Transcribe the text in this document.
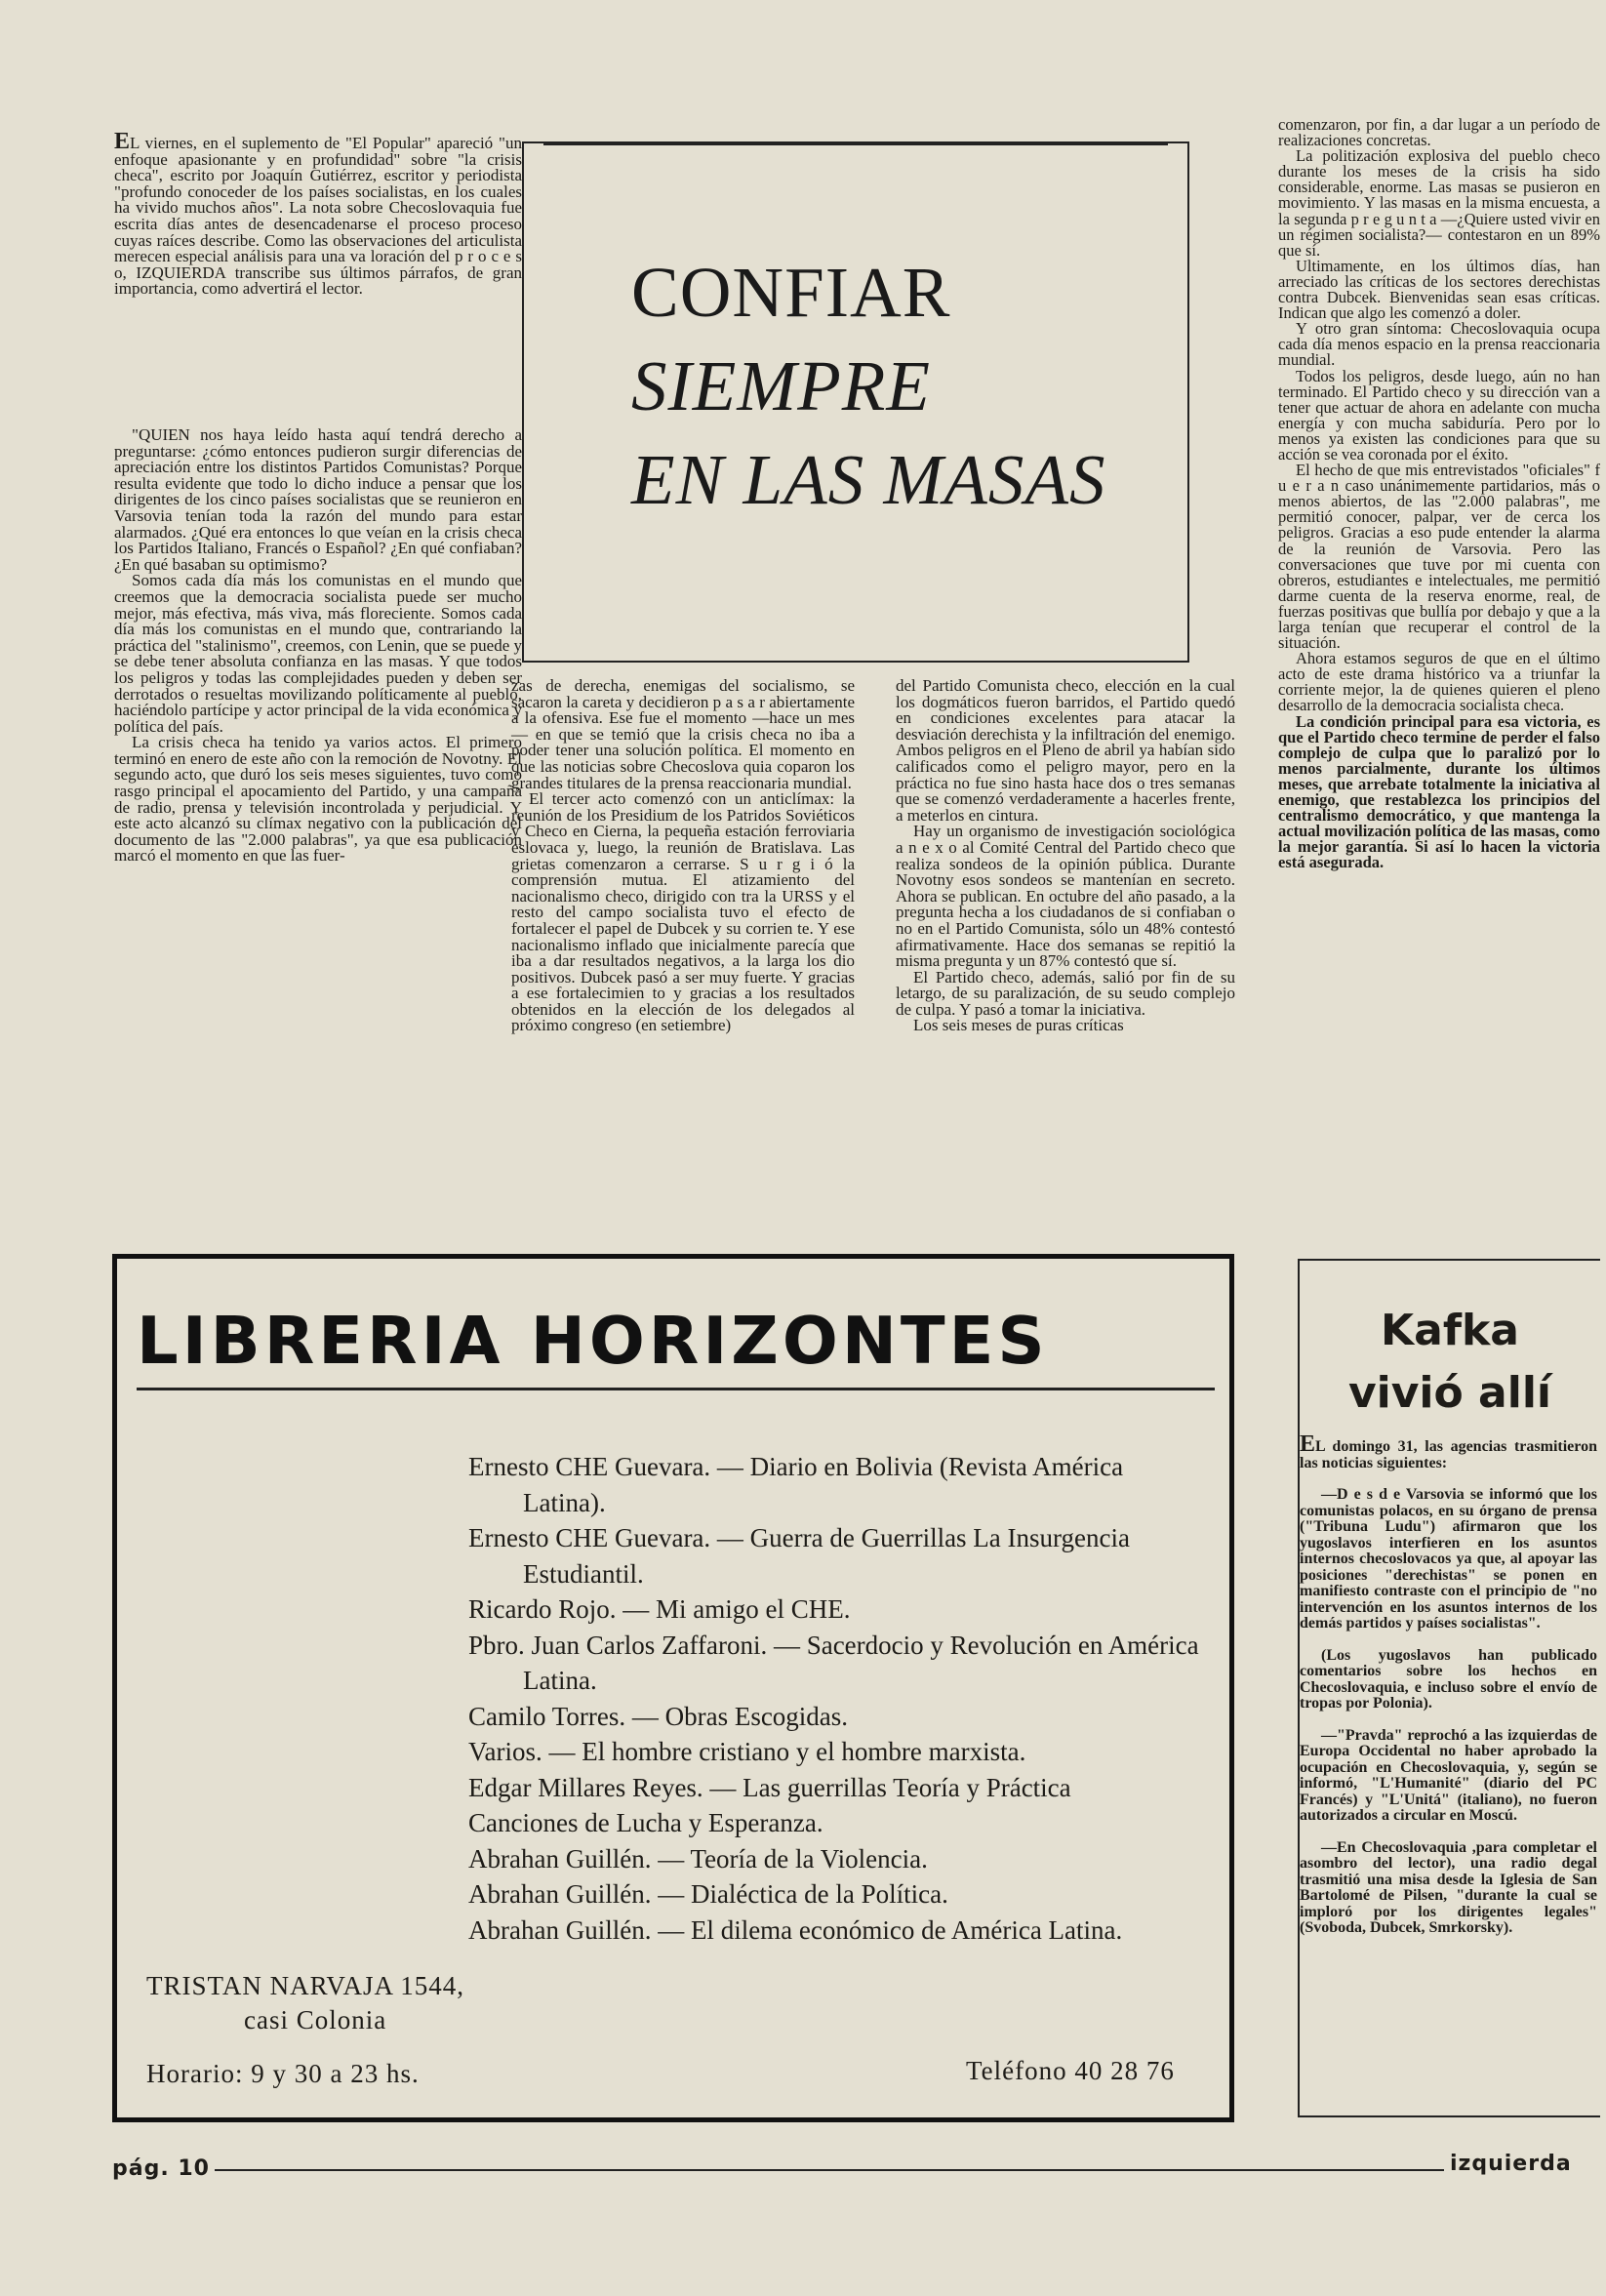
EL viernes, en el suplemento de "El Popular" apareció "un enfoque apasionante y en profundidad" sobre "la crisis checa", escrito por Joaquín Gutiérrez, escritor y periodista "profundo conoceder de los países socialistas, en los cuales ha vivido muchos años". La nota sobre Checoslovaquia fue escrita días antes de desencadenarse el proceso proceso cuyas raíces describe. Como las observaciones del articulista merecen especial análisis para una va loración del p r o c e s o, IZQUIERDA transcribe sus últimos párrafos, de gran importancia, como advertirá el lector.

"QUIEN nos haya leído hasta aquí tendrá derecho a preguntarse: ¿cómo entonces pudieron surgir diferencias de apreciación entre los distintos Partidos Comunistas? Porque resulta evidente que todo lo dicho induce a pensar que los dirigentes de los cinco países socialistas que se reunieron en Varsovia tenían toda la razón del mundo para estar alarmados. ¿Qué era entonces lo que veían en la crisis checa los Partidos Italiano, Francés o Español? ¿En qué confiaban? ¿En qué basaban su optimismo?

Somos cada día más los comunistas en el mundo que creemos que la democracia socialista puede ser mucho mejor, más efectiva, más viva, más floreciente. Somos cada día más los comunistas en el mundo que, contrariando la práctica del "stalinismo", creemos, con Lenin, que se puede y se debe tener absoluta confianza en las masas. Y que todos los peligros y todas las complejidades pueden y deben ser derrotados o resueltas movilizando políticamente al pueblo, haciéndolo partícipe y actor principal de la vida económica y política del país.

La crisis checa ha tenido ya varios actos. El primero terminó en enero de este año con la remoción de Novotny. El segundo acto, que duró los seis meses siguientes, tuvo como rasgo principal el apocamiento del Partido, y una campaña de radio, prensa y televisión incontrolada y perjudicial. Y este acto alcanzó su clímax negativo con la publicación del documento de las "2.000 palabras", ya que esa publicación marcó el momento en que las fuer-

CONFIAR
SIEMPRE
EN LAS MASAS

zas de derecha, enemigas del socialismo, se sacaron la careta y decidieron p a s a r abiertamente a la ofensiva. Ese fue el momento —hace un mes— en que se temió que la crisis checa no iba a poder tener una solución política. El momento en que las noticias sobre Checoslova quia coparon los grandes titulares de la prensa reaccionaria mundial.

El tercer acto comenzó con un anticlímax: la reunión de los Presidium de los Patridos Soviéticos y Checo en Cierna, la pequeña estación ferroviaria eslovaca y, luego, la reunión de Bratislava. Las grietas comenzaron a cerrarse. S u r g i ó la comprensión mutua. El atizamiento del nacionalismo checo, dirigido con tra la URSS y el resto del campo socialista tuvo el efecto de fortalecer el papel de Dubcek y su corrien te. Y ese nacionalismo inflado que inicialmente parecía que iba a dar resultados negativos, a la larga los dio positivos. Dubcek pasó a ser muy fuerte. Y gracias a ese fortalecimien to y gracias a los resultados obtenidos en la elección de los delegados al próximo congreso (en setiembre)

del Partido Comunista checo, elección en la cual los dogmáticos fueron barridos, el Partido quedó en condiciones excelentes para atacar la desviación derechista y la infiltración del enemigo. Ambos peligros en el Pleno de abril ya habían sido calificados como el peligro mayor, pero en la práctica no fue sino hasta hace dos o tres semanas que se comenzó verdaderamente a hacerles frente, a meterlos en cintura.

Hay un organismo de investigación sociológica a n e x o al Comité Central del Partido checo que realiza sondeos de la opinión pública. Durante Novotny esos sondeos se mantenían en secreto. Ahora se publican. En octubre del año pasado, a la pregunta hecha a los ciudadanos de si confiaban o no en el Partido Comunista, sólo un 48% contestó afirmativamente. Hace dos semanas se repitió la misma pregunta y un 87% contestó que sí.

El Partido checo, además, salió por fin de su letargo, de su paralización, de su seudo complejo de culpa. Y pasó a tomar la iniciativa.

Los seis meses de puras críticas

comenzaron, por fin, a dar lugar a un período de realizaciones concretas.

La politización explosiva del pueblo checo durante los meses de la crisis ha sido considerable, enorme. Las masas se pusieron en movimiento. Y las masas en la misma encuesta, a la segunda p r e g u n t a —¿Quiere usted vivir en un régimen socialista?— contestaron en un 89% que sí.

Ultimamente, en los últimos días, han arreciado las críticas de los sectores derechistas contra Dubcek. Bienvenidas sean esas críticas. Indican que algo les comenzó a doler.

Y otro gran síntoma: Checoslovaquia ocupa cada día menos espacio en la prensa reaccionaria mundial.

Todos los peligros, desde luego, aún no han terminado. El Partido checo y su dirección van a tener que actuar de ahora en adelante con mucha energía y con mucha sabiduría. Pero por lo menos ya existen las condiciones para que su acción se vea coronada por el éxito.

El hecho de que mis entrevistados "oficiales" f u e r a n caso unánimemente partidarios, más o menos abiertos, de las "2.000 palabras", me permitió conocer, palpar, ver de cerca los peligros. Gracias a eso pude entender la alarma de la reunión de Varsovia. Pero las conversaciones que tuve por mi cuenta con obreros, estudiantes e intelectuales, me permitió darme cuenta de la reserva enorme, real, de fuerzas positivas que bullía por debajo y que a la larga tenían que recuperar el control de la situación.

Ahora estamos seguros de que en el último acto de este drama histórico va a triunfar la corriente mejor, la de quienes quieren el pleno desarrollo de la democracia socialista checa.

La condición principal para esa victoria, es que el Partido checo termine de perder el falso complejo de culpa que lo paralizó por lo menos parcialmente, durante los últimos meses, que arrebate totalmente la iniciativa al enemigo, que restablezca los principios del centralismo democrático, y que mantenga la actual movilización política de las masas, como la mejor garantía. Si así lo hacen la victoria está asegurada.

LIBRERIA HORIZONTES
Ernesto CHE Guevara. — Diario en Bolivia (Revista América Latina).
Ernesto CHE Guevara. — Guerra de Guerrillas La Insurgencia Estudiantil.
Ricardo Rojo. — Mi amigo el CHE.
Pbro. Juan Carlos Zaffaroni. — Sacerdocio y Revolución en América Latina.
Camilo Torres. — Obras Escogidas.
Varios. — El hombre cristiano y el hombre marxista.
Edgar Millares Reyes. — Las guerrillas Teoría y Práctica
Canciones de Lucha y Esperanza.
Abrahan Guillén. — Teoría de la Violencia.
Abrahan Guillén. — Dialéctica de la Política.
Abrahan Guillén. — El dilema económico de América Latina.
TRISTAN NARVAJA 1544,
casi Colonia
Horario: 9 y 30 a 23 hs.	Teléfono 40 28 76
Kafka
vivió allí

EL domingo 31, las agencias trasmitieron las noticias siguientes:

—D e s d e Varsovia se informó que los comunistas polacos, en su órgano de prensa ("Tribuna Ludu") afirmaron que los yugoslavos interfieren en los asuntos internos checoslovacos ya que, al apoyar las posiciones "derechistas" se ponen en manifiesto contraste con el principio de "no intervención en los asuntos internos de los demás partidos y países socialistas".

(Los yugoslavos han publicado comentarios sobre los hechos en Checoslovaquia, e incluso sobre el envío de tropas por Polonia).

—"Pravda" reprochó a las izquierdas de Europa Occidental no haber aprobado la ocupación en Checoslovaquia, y, según se informó, "L'Humanité" (diario del PC Francés) y "L'Unitá" (italiano), no fueron autorizados a circular en Moscú.

—En Checoslovaquia ,para completar el asombro del lector), una radio degal trasmitió una misa desde la Iglesia de San Bartolomé de Pilsen, "durante la cual se imploró por los dirigentes legales" (Svoboda, Dubcek, Smrkorsky).

pág. 10	izquierda
